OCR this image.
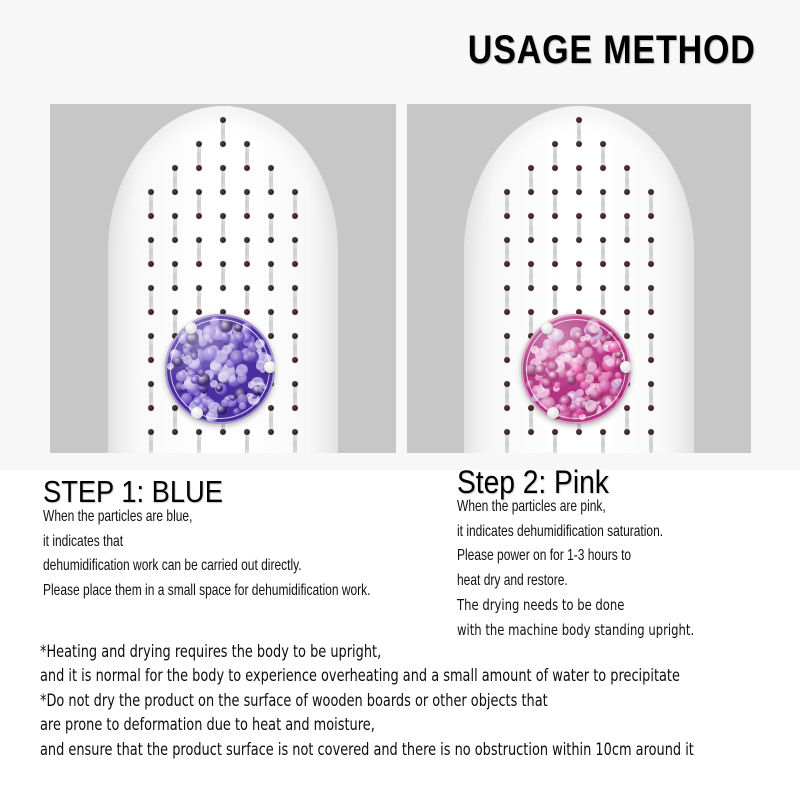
USAGE METHOD
STEP 1: BLUE
When the particles are blue,
it indicates that
dehumidification work can be carried out directly.
Please place them in a small space for dehumidification work.
Step 2: Pink
When the particles are pink,
it indicates dehumidification saturation.
Please power on for 1-3 hours to
heat dry and restore.
The drying needs to be done
with the machine body standing upright.
*Heating and drying requires the body to be upright,
and it is normal for the body to experience overheating and a small amount of water to precipitate
*Do not dry the product on the surface of wooden boards or other objects that
are prone to deformation due to heat and moisture,
and ensure that the product surface is not covered and there is no obstruction within 10cm around it
